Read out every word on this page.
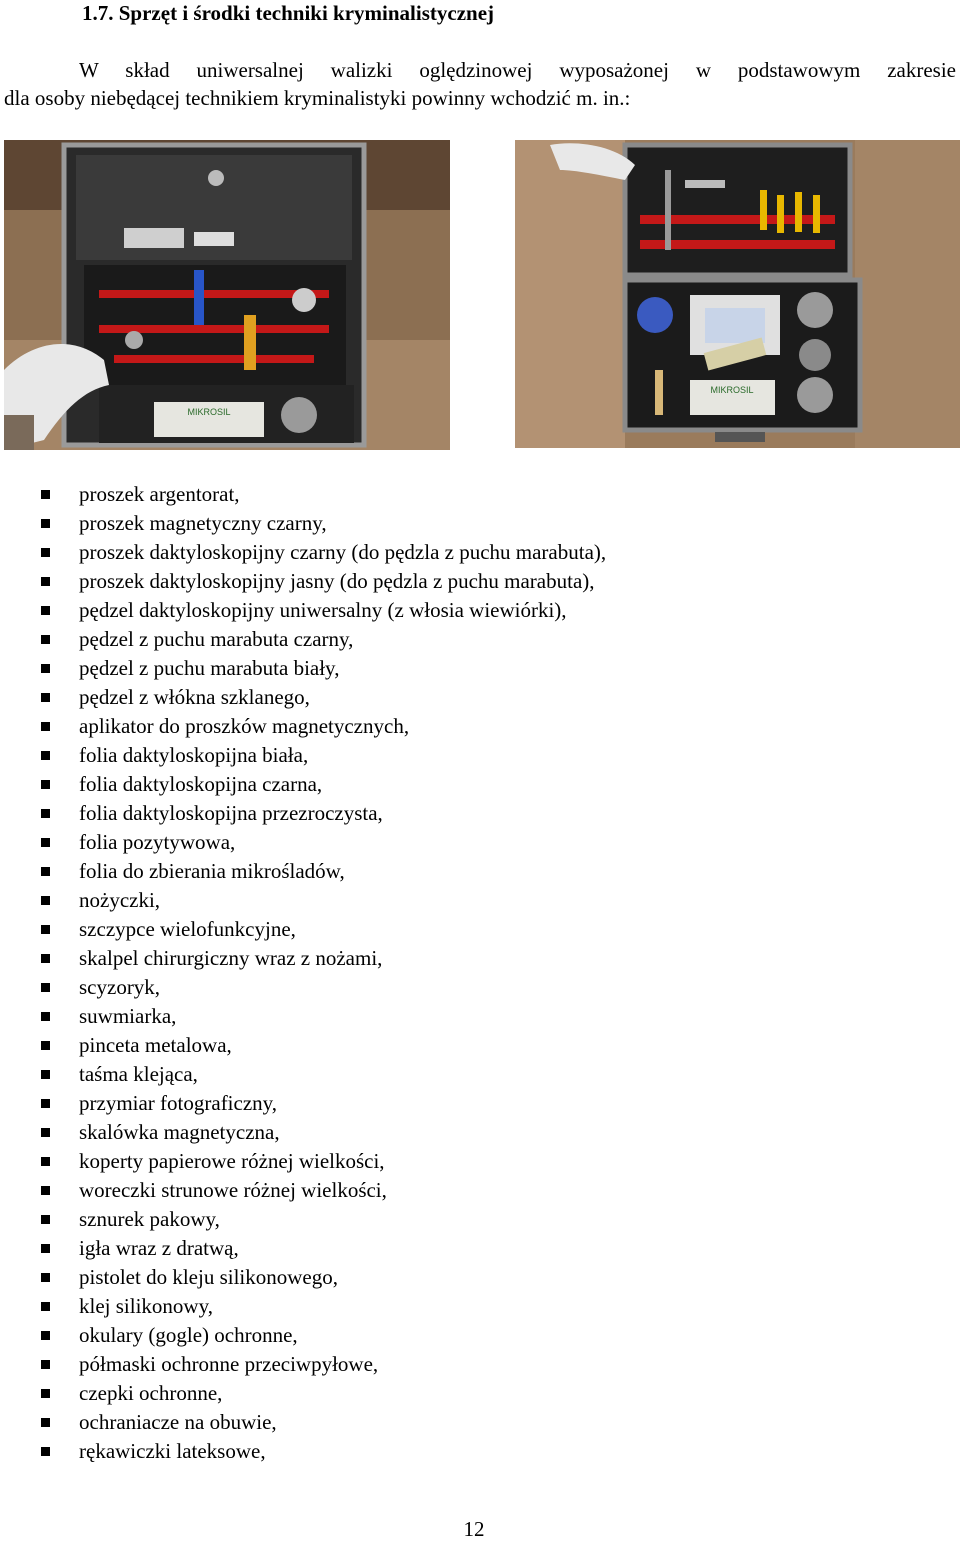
1.7. Sprzęt i środki techniki kryminalistycznej

W skład uniwersalnej walizki oględzinowej wyposażonej w podstawowym zakresie
dla osoby niebędącej technikiem kryminalistyki powinny wchodzić m. in.:

MIKROSIL
MIKROSIL
proszek argentorat,
proszek magnetyczny czarny,
proszek daktyloskopijny czarny (do pędzla z puchu marabuta),
proszek daktyloskopijny jasny (do pędzla z puchu marabuta),
pędzel daktyloskopijny uniwersalny (z włosia wiewiórki),
pędzel z puchu marabuta czarny,
pędzel z puchu marabuta biały,
pędzel z włókna szklanego,
aplikator do proszków magnetycznych,
folia daktyloskopijna biała,
folia daktyloskopijna czarna,
folia daktyloskopijna przezroczysta,
folia pozytywowa,
folia do zbierania mikrośladów,
nożyczki,
szczypce wielofunkcyjne,
skalpel chirurgiczny wraz z nożami,
scyzoryk,
suwmiarka,
pinceta metalowa,
taśma klejąca,
przymiar fotograficzny,
skalówka magnetyczna,
koperty papierowe różnej wielkości,
woreczki strunowe różnej wielkości,
sznurek pakowy,
igła wraz z dratwą,
pistolet do kleju silikonowego,
klej silikonowy,
okulary (gogle) ochronne,
półmaski ochronne przeciwpyłowe,
czepki ochronne,
ochraniacze na obuwie,
rękawiczki lateksowe,
12
